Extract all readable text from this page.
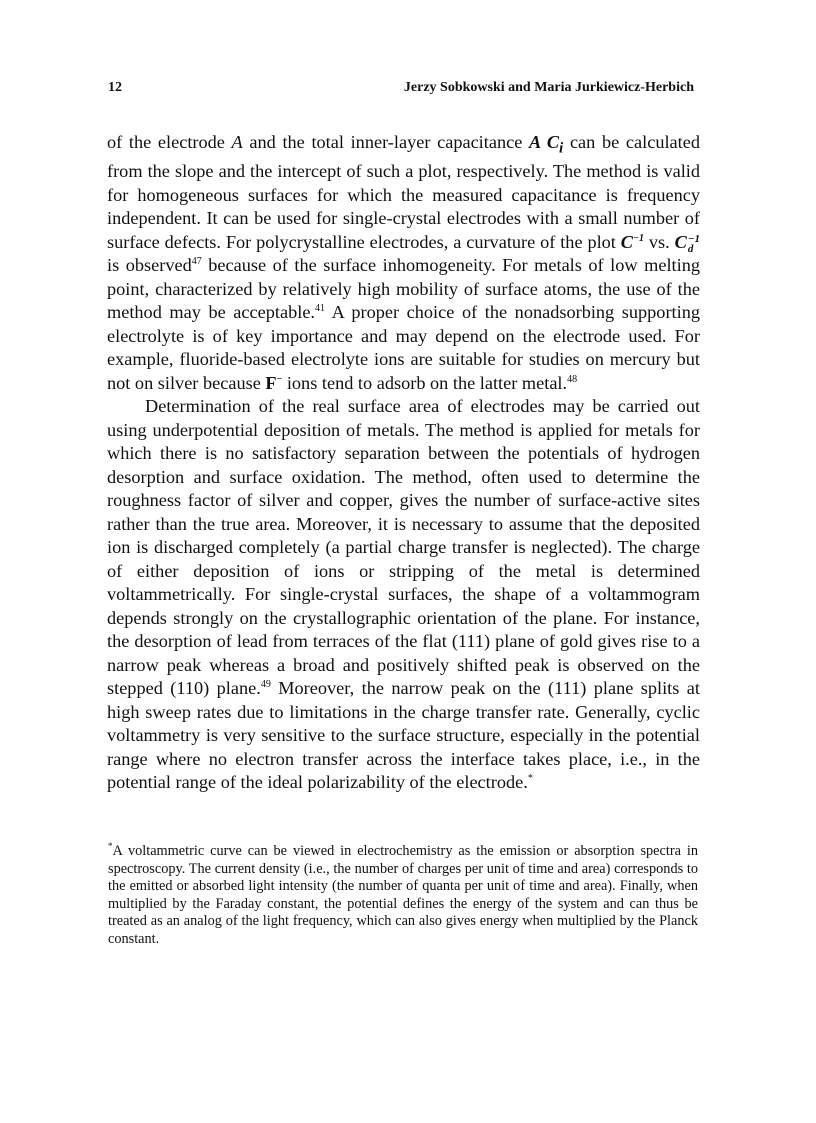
12	Jerzy Sobkowski and Maria Jurkiewicz-Herbich

of the electrode A and the total inner-layer capacitance A $C_i$ can be calculated from the slope and the intercept of such a plot, respectively. The method is valid for homogeneous surfaces for which the measured capacitance is frequency independent. It can be used for single-crystal electrodes with a small number of surface defects. For polycrystalline electrodes, a curvature of the plot $C^{-1}$ vs. C −1
d
is observed$^{47}$ because of the surface inhomogeneity. For metals of low melting point, characterized by relatively high mobility of surface atoms, the use of the method may be acceptable.$^{41}$ A proper choice of the nonadsorbing supporting electrolyte is of key importance and may depend on the electrode used. For example, fluoride-based electrolyte ions are suitable for studies on mercury but not on silver because F− ions tend to adsorb on the latter metal.$^{48}$

Determination of the real surface area of electrodes may be carried out using underpotential deposition of metals. The method is applied for metals for which there is no satisfactory separation between the potentials of hydrogen desorption and surface oxidation. The method, often used to determine the roughness factor of silver and copper, gives the number of surface-active sites rather than the true area. Moreover, it is necessary to assume that the deposited ion is discharged completely (a partial charge transfer is neglected). The charge of either deposition of ions or stripping of the metal is determined voltammetrically. For single-crystal surfaces, the shape of a voltammogram depends strongly on the crystallographic orientation of the plane. For instance, the desorption of lead from terraces of the flat (111) plane of gold gives rise to a narrow peak whereas a broad and positively shifted peak is observed on the stepped (110) plane.$^{49}$ Moreover, the narrow peak on the (111) plane splits at high sweep rates due to limitations in the charge transfer rate. Generally, cyclic voltammetry is very sensitive to the surface structure, especially in the potential range where no electron transfer across the interface takes place, i.e., in the potential range of the ideal polarizability of the electrode.*

*A voltammetric curve can be viewed in electrochemistry as the emission or absorption spectra in spectroscopy. The current density (i.e., the number of charges per unit of time and area) corresponds to the emitted or absorbed light intensity (the number of quanta per unit of time and area). Finally, when multiplied by the Faraday constant, the potential defines the energy of the system and can thus be treated as an analog of the light frequency, which can also gives energy when multiplied by the Planck constant.
